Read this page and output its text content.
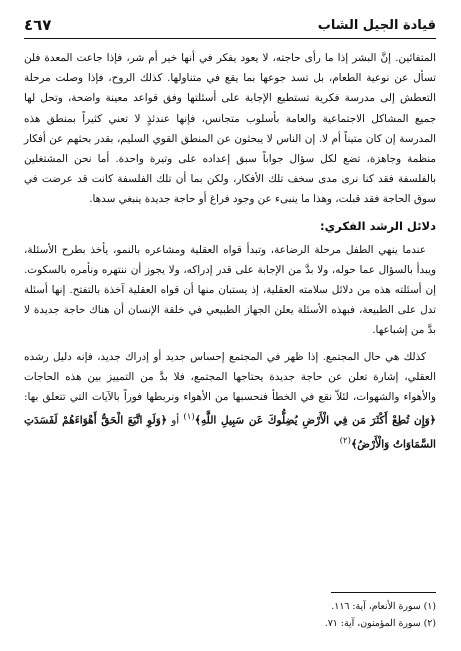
قيادة الجيل الشاب
٤٦٧

المتفائين. إنَّ البشر إذا ما رأى حاجته، لا يعود يفكر في أنها خير أم شر، فإذا جاعت المعدة فلن تسأل عن نوعية الطعام، بل تسد جوعها بما يقع في متناولها. كذلك الروح، فإذا وصلت مرحلة التعطش إلى مدرسة فكرية تستطيع الإجابة على أسئلتها وفق قواعد معينة واضحة، وتحل لها جميع المشاكل الاجتماعية والعامة بأسلوب متجانس، فإنها عندئذٍ لا تعني كثيراً بمنطق هذه المدرسة إن كان متيناً أم لا. إن الناس لا يبحثون عن المنطق القوي السليم، بقدر بحثهم عن أفكار منظمة وجاهزة، تضع لكل سؤال جواباً سبق إعداده على وتيرة واحدة. أما نحن المشتغلين بالفلسفة فقد كنا نرى مدى سخف تلك الأفكار، ولكن بما أن تلك الفلسفة كانت قد عرضت في سوق الحاجة فقد قبلت، وهذا ما ينبىء عن وجود فراغ أو حاجة جديدة ينبغي سدها.

دلائل الرشد الفكري:

عندما ينهي الطفل مرحلة الرضاعة، وتبدأ قواه العقلية ومشاعره بالنمو، يأخذ بطرح الأسئلة، ويبدأ بالسؤال عما حوله، ولا بدَّ من الإجابة على قدر إدراكه، ولا يجوز أن ننتهره ونأمره بالسكوت. إن أسئلته هذه من دلائل سلامته العقلية، إذ يستبان منها أن قواه العقلية آخذة بالتفتح. إنها أسئلة تدل على الطبيعة، فبهذه الأسئلة يعلن الجهاز الطبيعي في خلقة الإنسان أن هناك حاجة جديدة لا بدَّ من إشباعها.

كذلك هي حال المجتمع. إذا ظهر في المجتمع إحساس جديد أو إدراك جديد، فإنه دليل رشده العقلي، إشارة تعلن عن حاجة جديدة يحتاجها المجتمع، فلا بدَّ من التمييز بين هذه الحاجات والأهواء والشهوات، لئلاّ نقع في الخطأ فنحسبها من الأهواء ونربطها فوراً بالآيات التي تتعلق بها: ﴿وَإِن تُطِعْ أَكْثَرَ مَن فِي الْأَرْضِ يُضِلُّوكَ عَن سَبِيلِ اللَّهِ﴾$^{(١)}$ أو ﴿وَلَوِ اتَّبَعَ الْحَقُّ أَهْوَاءَهُمْ لَفَسَدَتِ السَّمَاوَاتُ وَالْأَرْضُ﴾$^{(٢)}$

(١) سورة الأنعام، آية: ١١٦.
(٢) سورة المؤمنون، آية: ٧١.
